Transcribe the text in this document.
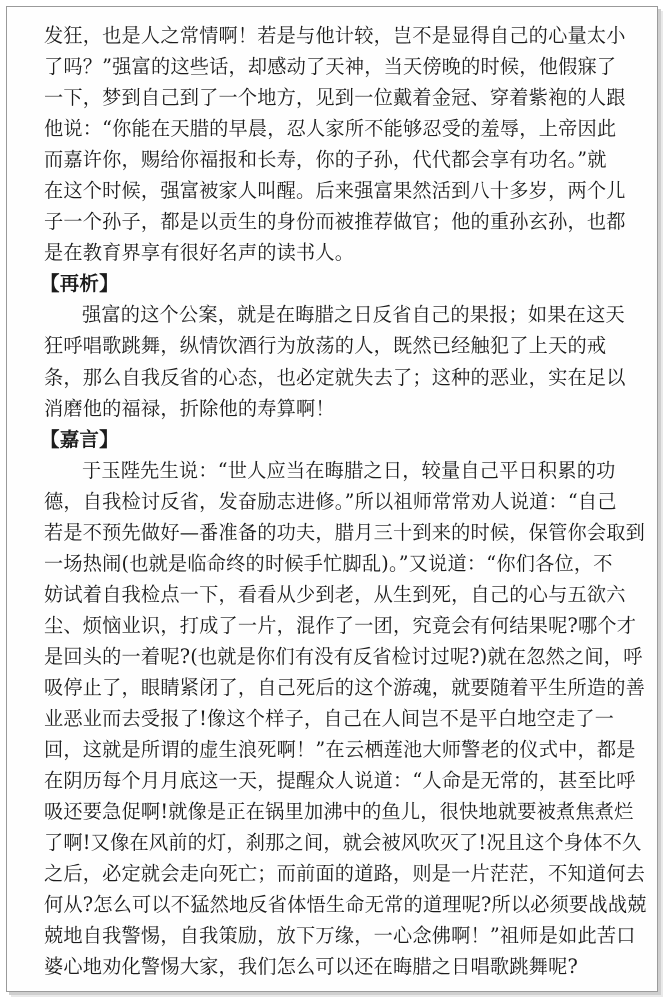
发狂，也是人之常情啊！若是与他计较，岂不是显得自己的心量太小
了吗？”强富的这些话，却感动了天神，当天傍晚的时候，他假寐了
一下，梦到自己到了一个地方，见到一位戴着金冠、穿着紫袍的人跟
他说：“你能在天腊的早晨，忍人家所不能够忍受的羞辱，上帝因此
而嘉许你，赐给你福报和长寿，你的子孙，代代都会享有功名。”就
在这个时候，强富被家人叫醒。后来强富果然活到八十多岁，两个儿
子一个孙子，都是以贡生的身份而被推荐做官；他的重孙玄孙，也都
是在教育界享有很好名声的读书人。
【再析】
强富的这个公案，就是在晦腊之日反省自己的果报；如果在这天
狂呼唱歌跳舞，纵情饮酒行为放荡的人，既然已经触犯了上天的戒
条，那么自我反省的心态，也必定就失去了；这种的恶业，实在足以
消磨他的福禄，折除他的寿算啊！
【嘉言】
于玉陛先生说：“世人应当在晦腊之日，较量自己平日积累的功
德，自我检讨反省，发奋励志进修。”所以祖师常常劝人说道：“自己
若是不预先做好—番准备的功夫，腊月三十到来的时候，保管你会取到
一场热闹(也就是临命终的时候手忙脚乱)。”又说道：“你们各位，不
妨试着自我检点一下，看看从少到老，从生到死，自己的心与五欲六
尘、烦恼业识，打成了一片，混作了一团，究竟会有何结果呢?哪个才
是回头的一着呢?(也就是你们有没有反省检讨过呢?)就在忽然之间，呼
吸停止了，眼睛紧闭了，自己死后的这个游魂，就要随着平生所造的善
业恶业而去受报了!像这个样子，自己在人间岂不是平白地空走了一
回，这就是所谓的虚生浪死啊！”在云栖莲池大师警老的仪式中，都是
在阴历每个月月底这一天，提醒众人说道：“人命是无常的，甚至比呼
吸还要急促啊!就像是正在锅里加沸中的鱼儿，很快地就要被煮焦煮烂
了啊!又像在风前的灯，刹那之间，就会被风吹灭了!况且这个身体不久
之后，必定就会走向死亡；而前面的道路，则是一片茫茫，不知道何去
何从?怎么可以不猛然地反省体悟生命无常的道理呢?所以必须要战战兢
兢地自我警惕，自我策励，放下万缘，一心念佛啊！”祖师是如此苦口
婆心地劝化警惕大家，我们怎么可以还在晦腊之日唱歌跳舞呢?
